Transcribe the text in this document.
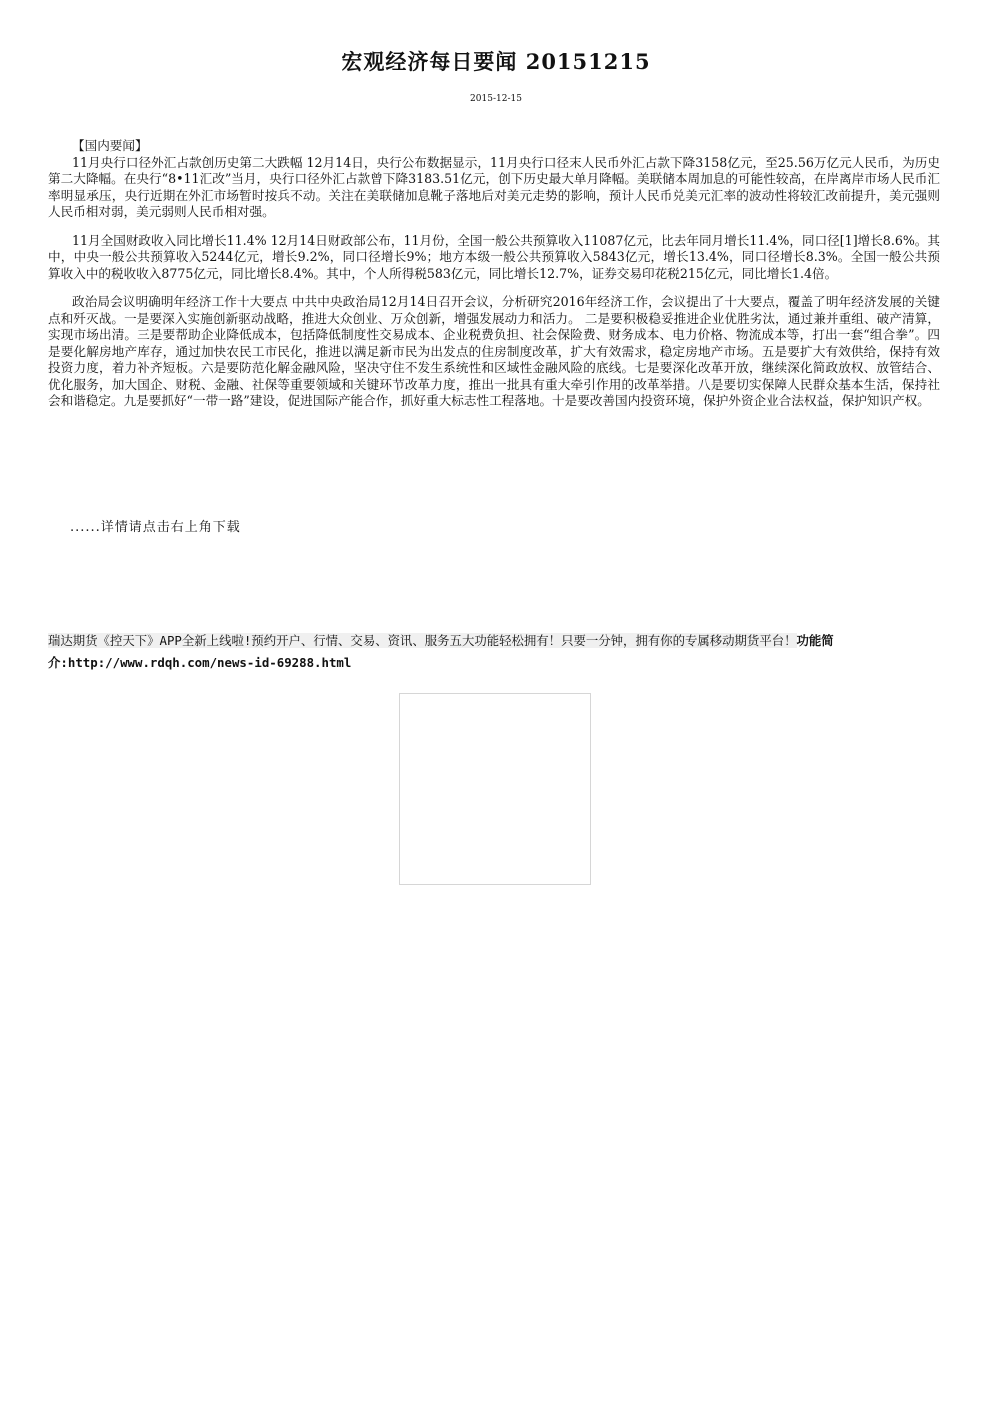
宏观经济每日要闻 20151215
2015-12-15

【国内要闻】

11月央行口径外汇占款创历史第二大跌幅 12月14日，央行公布数据显示，11月央行口径末人民币外汇占款下降3158亿元，至25.56万亿元人民币，为历史第二大降幅。在央行“8•11汇改”当月，央行口径外汇占款曾下降3183.51亿元，创下历史最大单月降幅。美联储本周加息的可能性较高，在岸离岸市场人民币汇率明显承压，央行近期在外汇市场暂时按兵不动。关注在美联储加息靴子落地后对美元走势的影响，预计人民币兑美元汇率的波动性将较汇改前提升，美元强则人民币相对弱，美元弱则人民币相对强。

11月全国财政收入同比增长11.4% 12月14日财政部公布，11月份，全国一般公共预算收入11087亿元，比去年同月增长11.4%，同口径[1]增长8.6%。其中，中央一般公共预算收入5244亿元，增长9.2%，同口径增长9%；地方本级一般公共预算收入5843亿元，增长13.4%，同口径增长8.3%。全国一般公共预算收入中的税收收入8775亿元，同比增长8.4%。其中，个人所得税583亿元，同比增长12.7%，证券交易印花税215亿元，同比增长1.4倍。

政治局会议明确明年经济工作十大要点 中共中央政治局12月14日召开会议，分析研究2016年经济工作，会议提出了十大要点，覆盖了明年经济发展的关键点和歼灭战。一是要深入实施创新驱动战略，推进大众创业、万众创新，增强发展动力和活力。 二是要积极稳妥推进企业优胜劣汰，通过兼并重组、破产清算，实现市场出清。三是要帮助企业降低成本，包括降低制度性交易成本、企业税费负担、社会保险费、财务成本、电力价格、物流成本等，打出一套“组合拳”。四是要化解房地产库存，通过加快农民工市民化，推进以满足新市民为出发点的住房制度改革，扩大有效需求，稳定房地产市场。五是要扩大有效供给，保持有效投资力度，着力补齐短板。六是要防范化解金融风险，坚决守住不发生系统性和区域性金融风险的底线。七是要深化改革开放，继续深化简政放权、放管结合、优化服务，加大国企、财税、金融、社保等重要领域和关键环节改革力度，推出一批具有重大牵引作用的改革举措。八是要切实保障人民群众基本生活，保持社会和谐稳定。九是要抓好“一带一路”建设，促进国际产能合作，抓好重大标志性工程落地。十是要改善国内投资环境，保护外资企业合法权益，保护知识产权。

......详情请点击右上角下载
瑞达期货《控天下》APP全新上线啦!预约开户、行情、交易、资讯、服务五大功能轻松拥有！只要一分钟，拥有你的专属移动期货平台！功能简介:http://www.rdqh.com/news-id-69288.html
